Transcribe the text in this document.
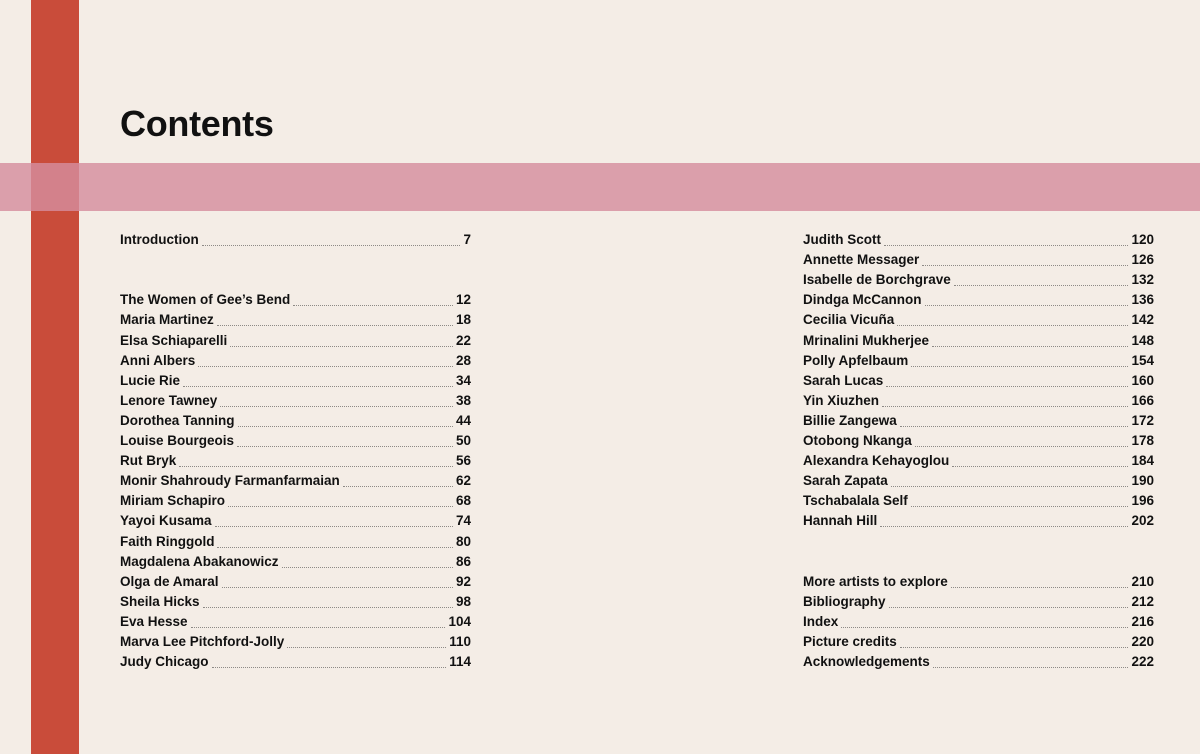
Contents
Introduction	7
The Women of Gee’s Bend	12
Maria Martinez	18
Elsa Schiaparelli	22
Anni Albers	28
Lucie Rie	34
Lenore Tawney	38
Dorothea Tanning	44
Louise Bourgeois	50
Rut Bryk	56
Monir Shahroudy Farmanfarmaian	62
Miriam Schapiro	68
Yayoi Kusama	74
Faith Ringgold	80
Magdalena Abakanowicz	86
Olga de Amaral	92
Sheila Hicks	98
Eva Hesse	104
Marva Lee Pitchford-Jolly	110
Judy Chicago	114
Judith Scott	120
Annette Messager	126
Isabelle de Borchgrave	132
Dindga McCannon	136
Cecilia Vicuña	142
Mrinalini Mukherjee	148
Polly Apfelbaum	154
Sarah Lucas	160
Yin Xiuzhen	166
Billie Zangewa	172
Otobong Nkanga	178
Alexandra Kehayoglou	184
Sarah Zapata	190
Tschabalala Self	196
Hannah Hill	202
More artists to explore	210
Bibliography	212
Index	216
Picture credits	220
Acknowledgements	222
